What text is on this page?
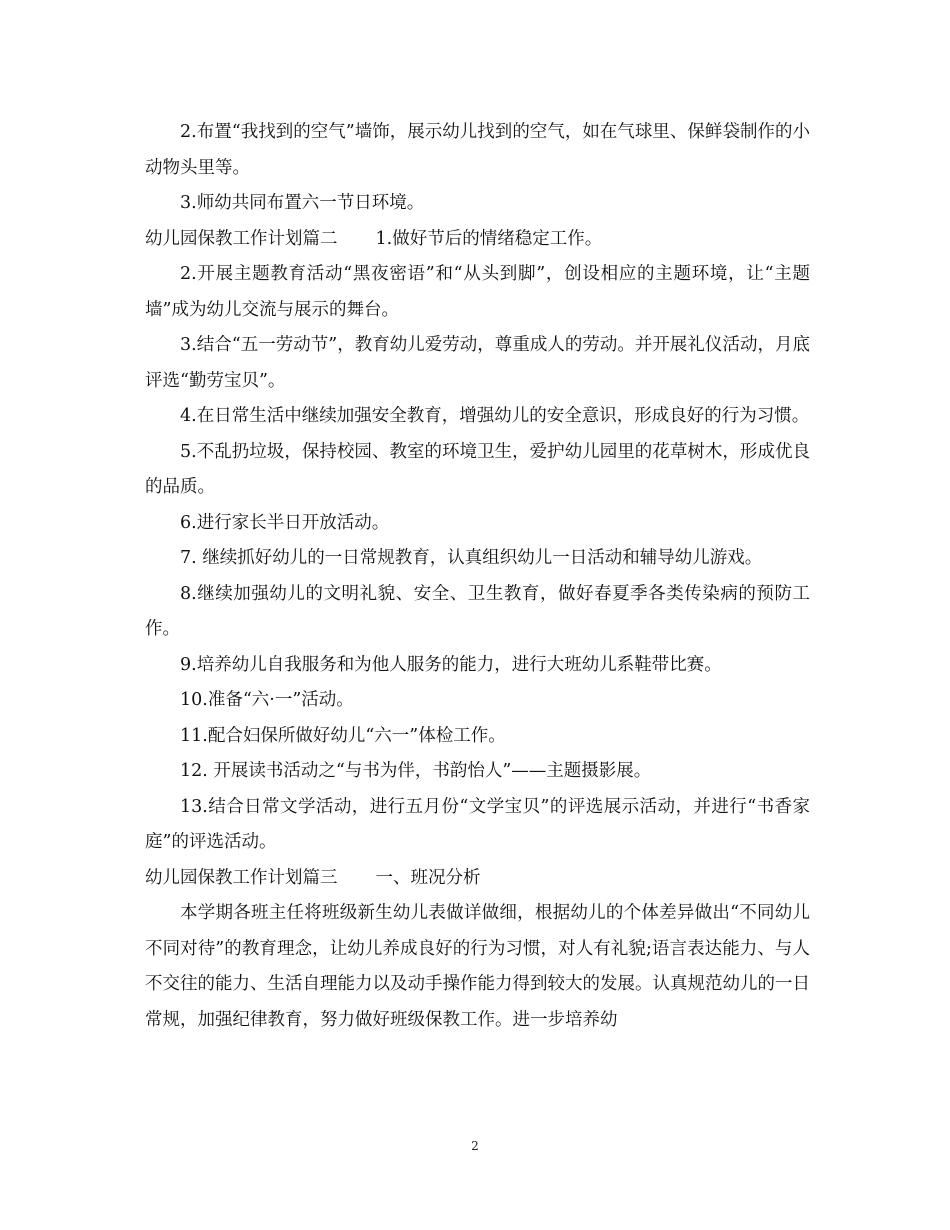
2.布置“我找到的空气”墙饰，展示幼儿找到的空气，如在气球里、保鲜袋制作的小动物头里等。

3.师幼共同布置六一节日环境。

幼儿园保教工作计划篇二 1.做好节后的情绪稳定工作。

2.开展主题教育活动“黑夜密语”和“从头到脚”，创设相应的主题环境，让“主题墙”成为幼儿交流与展示的舞台。

3.结合“五一劳动节”，教育幼儿爱劳动，尊重成人的劳动。并开展礼仪活动，月底评选“勤劳宝贝”。

4.在日常生活中继续加强安全教育，增强幼儿的安全意识，形成良好的行为习惯。

5.不乱扔垃圾，保持校园、教室的环境卫生，爱护幼儿园里的花草树木，形成优良的品质。

6.进行家长半日开放活动。

7. 继续抓好幼儿的一日常规教育，认真组织幼儿一日活动和辅导幼儿游戏。

8.继续加强幼儿的文明礼貌、安全、卫生教育，做好春夏季各类传染病的预防工作。

9.培养幼儿自我服务和为他人服务的能力，进行大班幼儿系鞋带比赛。

10.准备“六·一”活动。

11.配合妇保所做好幼儿“六一”体检工作。

12. 开展读书活动之“与书为伴，书韵怡人”——主题摄影展。

13.结合日常文学活动，进行五月份“文学宝贝”的评选展示活动，并进行“书香家庭”的评选活动。

幼儿园保教工作计划篇三 一、班况分析

本学期各班主任将班级新生幼儿表做详做细，根据幼儿的个体差异做出“不同幼儿不同对待”的教育理念，让幼儿养成良好的行为习惯，对人有礼貌;语言表达能力、与人不交往的能力、生活自理能力以及动手操作能力得到较大的发展。认真规范幼儿的一日常规，加强纪律教育，努力做好班级保教工作。进一步培养幼

2
